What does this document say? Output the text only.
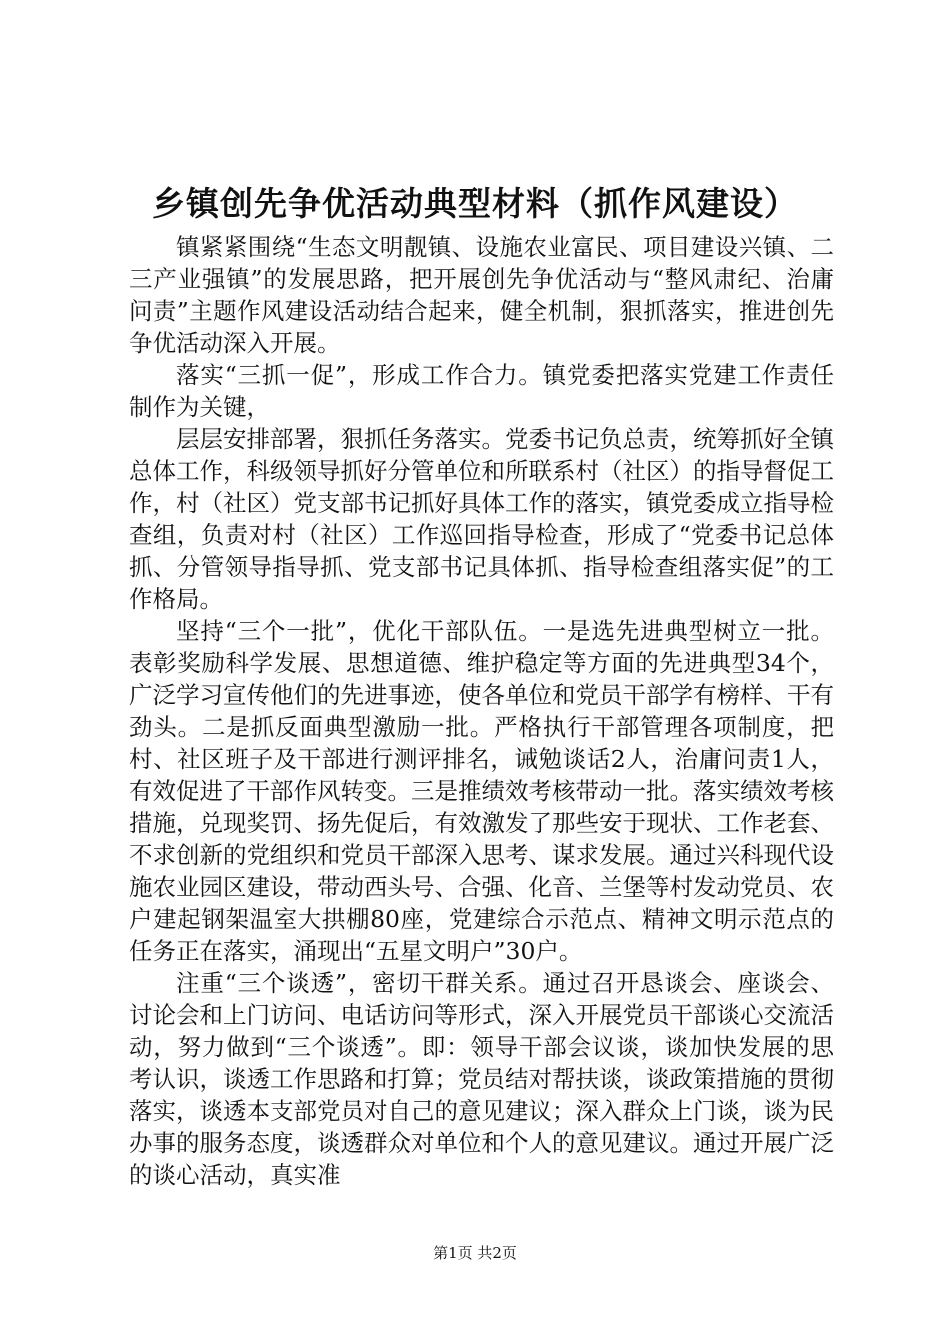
乡镇创先争优活动典型材料（抓作风建设）

镇紧紧围绕“生态文明靓镇、设施农业富民、项目建设兴镇、二三产业强镇”的发展思路，把开展创先争优活动与“整风肃纪、治庸问责”主题作风建设活动结合起来，健全机制，狠抓落实，推进创先争优活动深入开展。

落实“三抓一促”，形成工作合力。镇党委把落实党建工作责任制作为关键，

层层安排部署，狠抓任务落实。党委书记负总责，统筹抓好全镇总体工作，科级领导抓好分管单位和所联系村（社区）的指导督促工作，村（社区）党支部书记抓好具体工作的落实，镇党委成立指导检查组，负责对村（社区）工作巡回指导检查，形成了“党委书记总体抓、分管领导指导抓、党支部书记具体抓、指导检查组落实促”的工作格局。

坚持“三个一批”，优化干部队伍。一是选先进典型树立一批。表彰奖励科学发展、思想道德、维护稳定等方面的先进典型34个，广泛学习宣传他们的先进事迹，使各单位和党员干部学有榜样、干有劲头。二是抓反面典型激励一批。严格执行干部管理各项制度，把村、社区班子及干部进行测评排名，诫勉谈话2人，治庸问责1人，有效促进了干部作风转变。三是推绩效考核带动一批。落实绩效考核措施，兑现奖罚、扬先促后，有效激发了那些安于现状、工作老套、不求创新的党组织和党员干部深入思考、谋求发展。通过兴科现代设施农业园区建设，带动西头号、合强、化音、兰堡等村发动党员、农户建起钢架温室大拱棚80座，党建综合示范点、精神文明示范点的任务正在落实，涌现出“五星文明户”30户。

注重“三个谈透”，密切干群关系。通过召开恳谈会、座谈会、讨论会和上门访问、电话访问等形式，深入开展党员干部谈心交流活动，努力做到“三个谈透”。即：领导干部会议谈，谈加快发展的思考认识，谈透工作思路和打算；党员结对帮扶谈，谈政策措施的贯彻落实，谈透本支部党员对自己的意见建议；深入群众上门谈，谈为民办事的服务态度，谈透群众对单位和个人的意见建议。通过开展广泛的谈心活动，真实准

第1页 共2页
